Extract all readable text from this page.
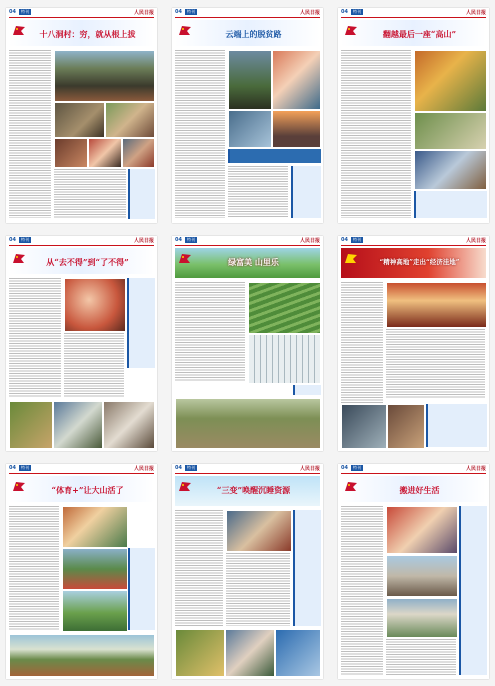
04	特刊	人民日报
十八洞村：穷，就从根上拔
04	特刊	人民日报
云端上的脱贫路
04	特刊	人民日报
翻越最后一座“高山”
04	特刊	人民日报
从“去不得”到“了不得”
04	特刊	人民日报
绿富美 山里乐
04	特刊	人民日报
“精神高地”走出“经济洼地”
04	特刊	人民日报
“体育+”让大山活了
04	特刊	人民日报
“三变”唤醒沉睡资源
04	特刊	人民日报
搬进好生活
